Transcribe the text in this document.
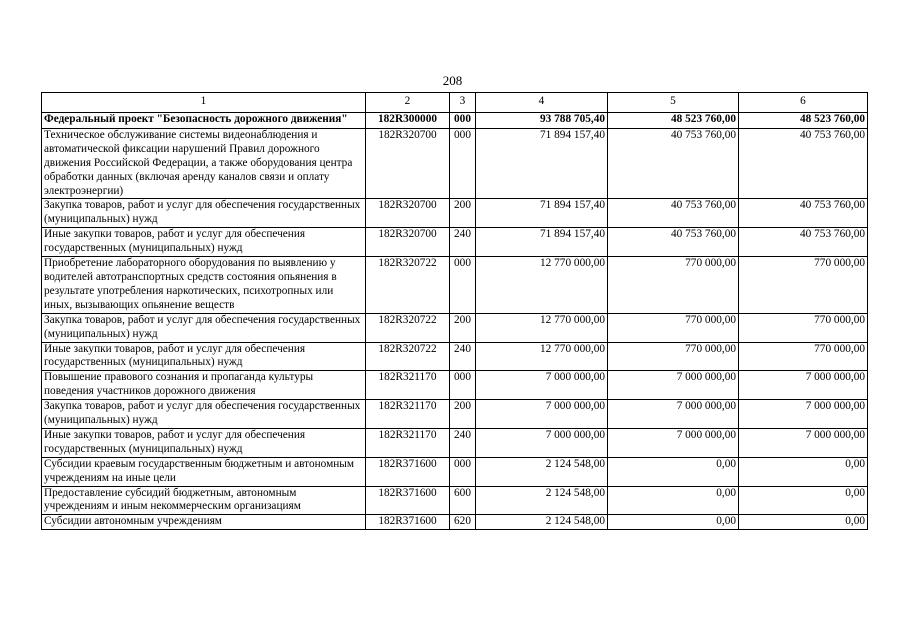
208
1	2	3	4	5	6
Федеральный проект "Безопасность дорожного движения"	182R300000	000	93 788 705,40	48 523 760,00	48 523 760,00
Техническое обслуживание системы видеонаблюдения и автоматической фиксации нарушений Правил дорожного движения Российской Федерации, а также оборудования центра обработки данных (включая аренду каналов связи и оплату электроэнергии)	182R320700	000	71 894 157,40	40 753 760,00	40 753 760,00
Закупка товаров, работ и услуг для обеспечения государственных (муниципальных) нужд	182R320700	200	71 894 157,40	40 753 760,00	40 753 760,00
Иные закупки товаров, работ и услуг для обеспечения государственных (муниципальных) нужд	182R320700	240	71 894 157,40	40 753 760,00	40 753 760,00
Приобретение лабораторного оборудования по выявлению у водителей автотранспортных средств состояния опьянения в результате употребления наркотических, психотропных или иных, вызывающих опьянение веществ	182R320722	000	12 770 000,00	770 000,00	770 000,00
Закупка товаров, работ и услуг для обеспечения государственных (муниципальных) нужд	182R320722	200	12 770 000,00	770 000,00	770 000,00
Иные закупки товаров, работ и услуг для обеспечения государственных (муниципальных) нужд	182R320722	240	12 770 000,00	770 000,00	770 000,00
Повышение правового сознания и пропаганда культуры поведения участников дорожного движения	182R321170	000	7 000 000,00	7 000 000,00	7 000 000,00
Закупка товаров, работ и услуг для обеспечения государственных (муниципальных) нужд	182R321170	200	7 000 000,00	7 000 000,00	7 000 000,00
Иные закупки товаров, работ и услуг для обеспечения государственных (муниципальных) нужд	182R321170	240	7 000 000,00	7 000 000,00	7 000 000,00
Субсидии краевым государственным бюджетным и автономным учреждениям на иные цели	182R371600	000	2 124 548,00	0,00	0,00
Предоставление субсидий бюджетным, автономным учреждениям и иным некоммерческим организациям	182R371600	600	2 124 548,00	0,00	0,00
Субсидии автономным учреждениям	182R371600	620	2 124 548,00	0,00	0,00
